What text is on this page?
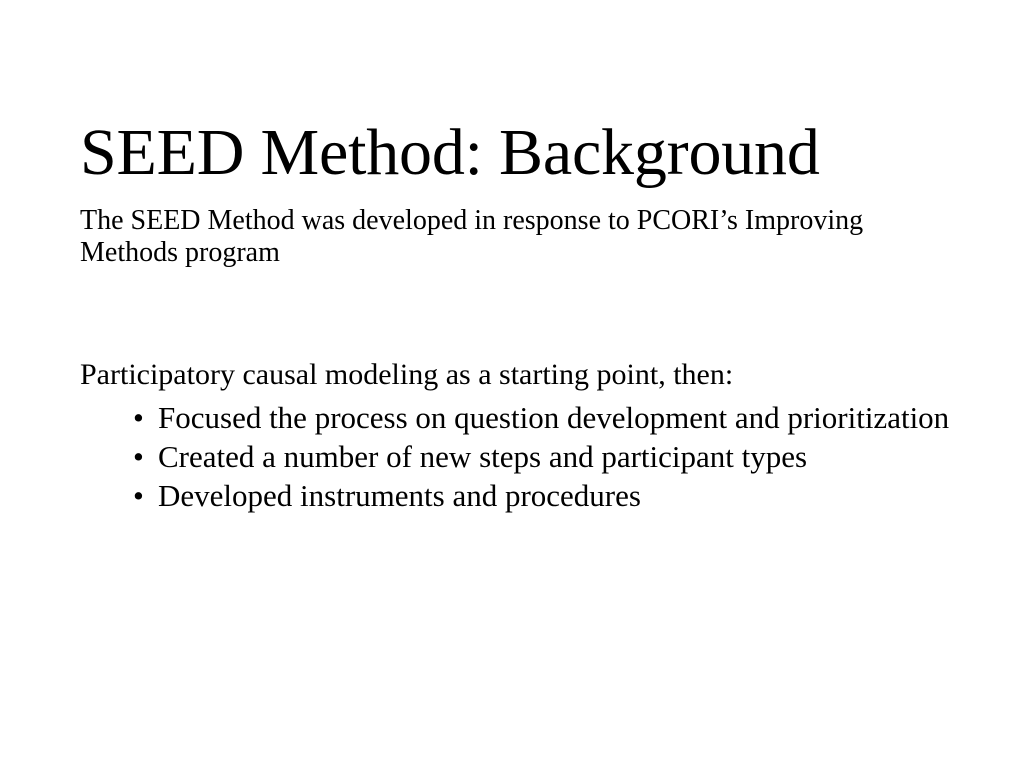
SEED Method: Background

The SEED Method was developed in response to PCORI’s Improving Methods program

Participatory causal modeling as a starting point, then:

• Focused the process on question development and prioritization
• Created a number of new steps and participant types
• Developed instruments and procedures
